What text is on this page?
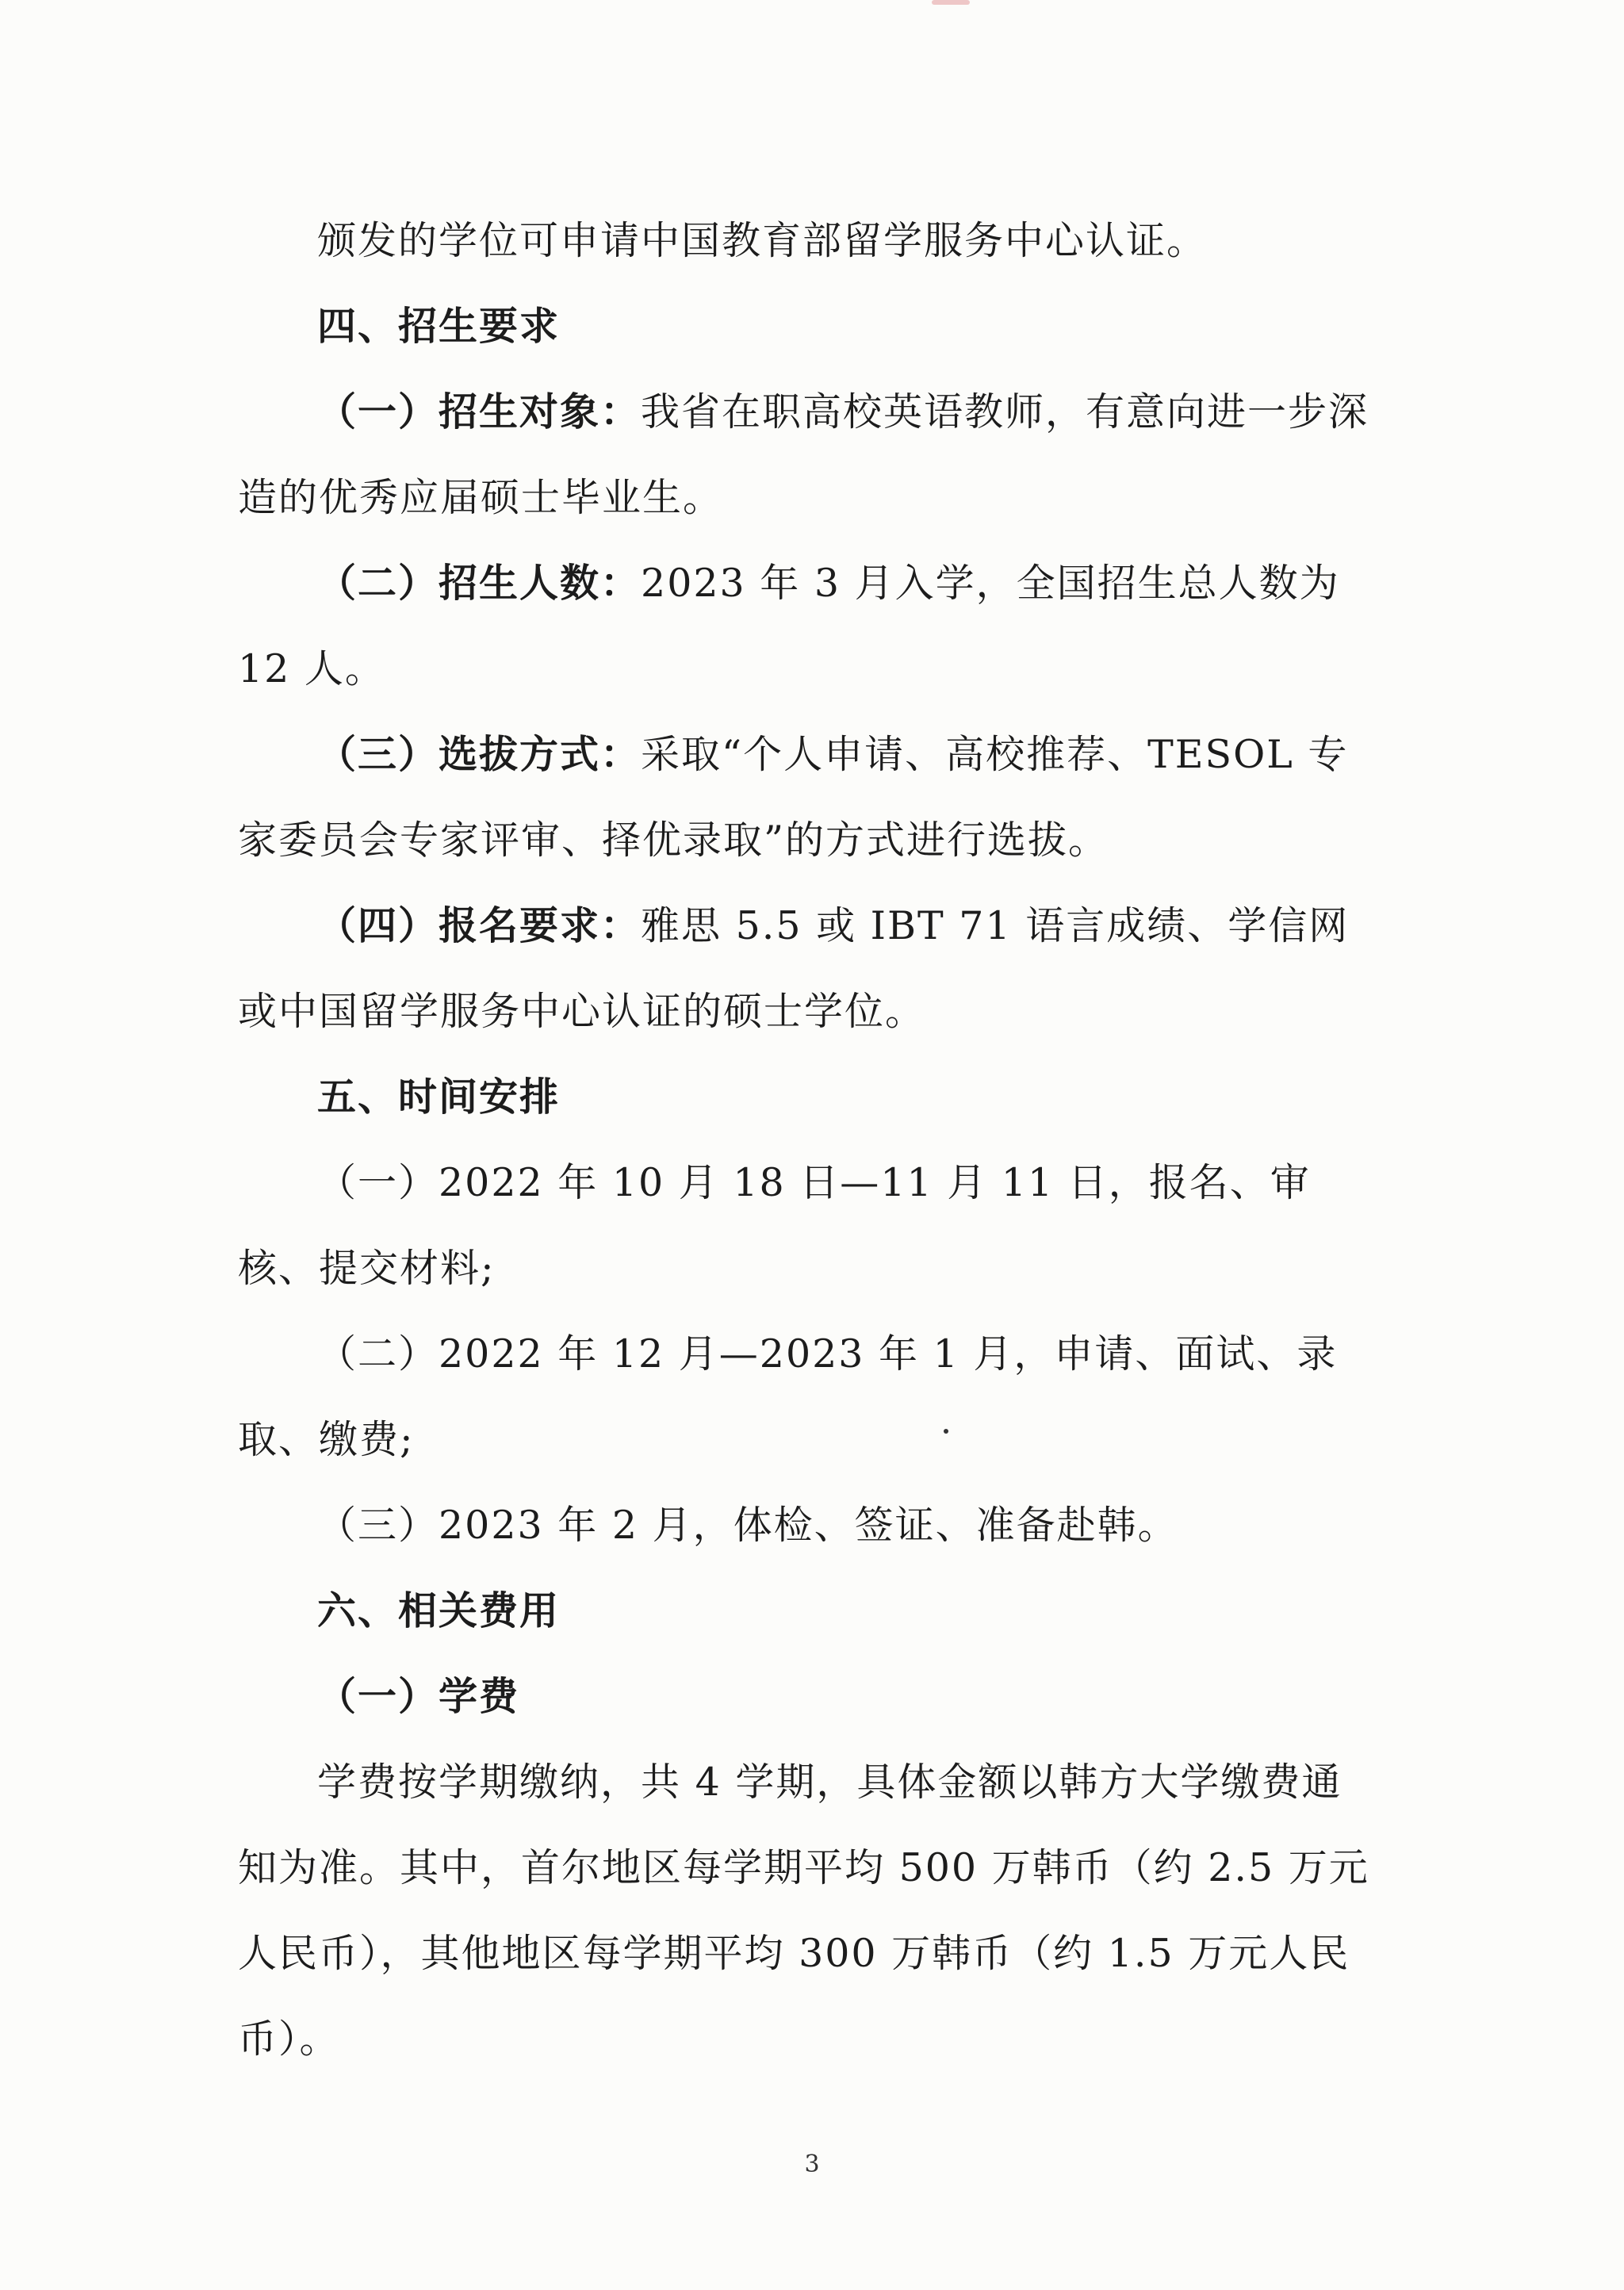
颁发的学位可申请中国教育部留学服务中心认证。

四、招生要求

（一）招生对象：我省在职高校英语教师，有意向进一步深造的优秀应届硕士毕业生。

（二）招生人数：2023 年 3 月入学，全国招生总人数为 12 人。

（三）选拔方式：采取“个人申请、高校推荐、TESOL 专家委员会专家评审、择优录取”的方式进行选拔。

（四）报名要求：雅思 5.5 或 IBT 71 语言成绩、学信网或中国留学服务中心认证的硕士学位。

五、时间安排

（一）2022 年 10 月 18 日—11 月 11 日，报名、审核、提交材料;

（二）2022 年 12 月—2023 年 1 月，申请、面试、录取、缴费;

（三）2023 年 2 月，体检、签证、准备赴韩。

六、相关费用

（一）学费

学费按学期缴纳，共 4 学期，具体金额以韩方大学缴费通知为准。其中，首尔地区每学期平均 500 万韩币（约 2.5 万元人民币），其他地区每学期平均 300 万韩币（约 1.5 万元人民币）。

3
